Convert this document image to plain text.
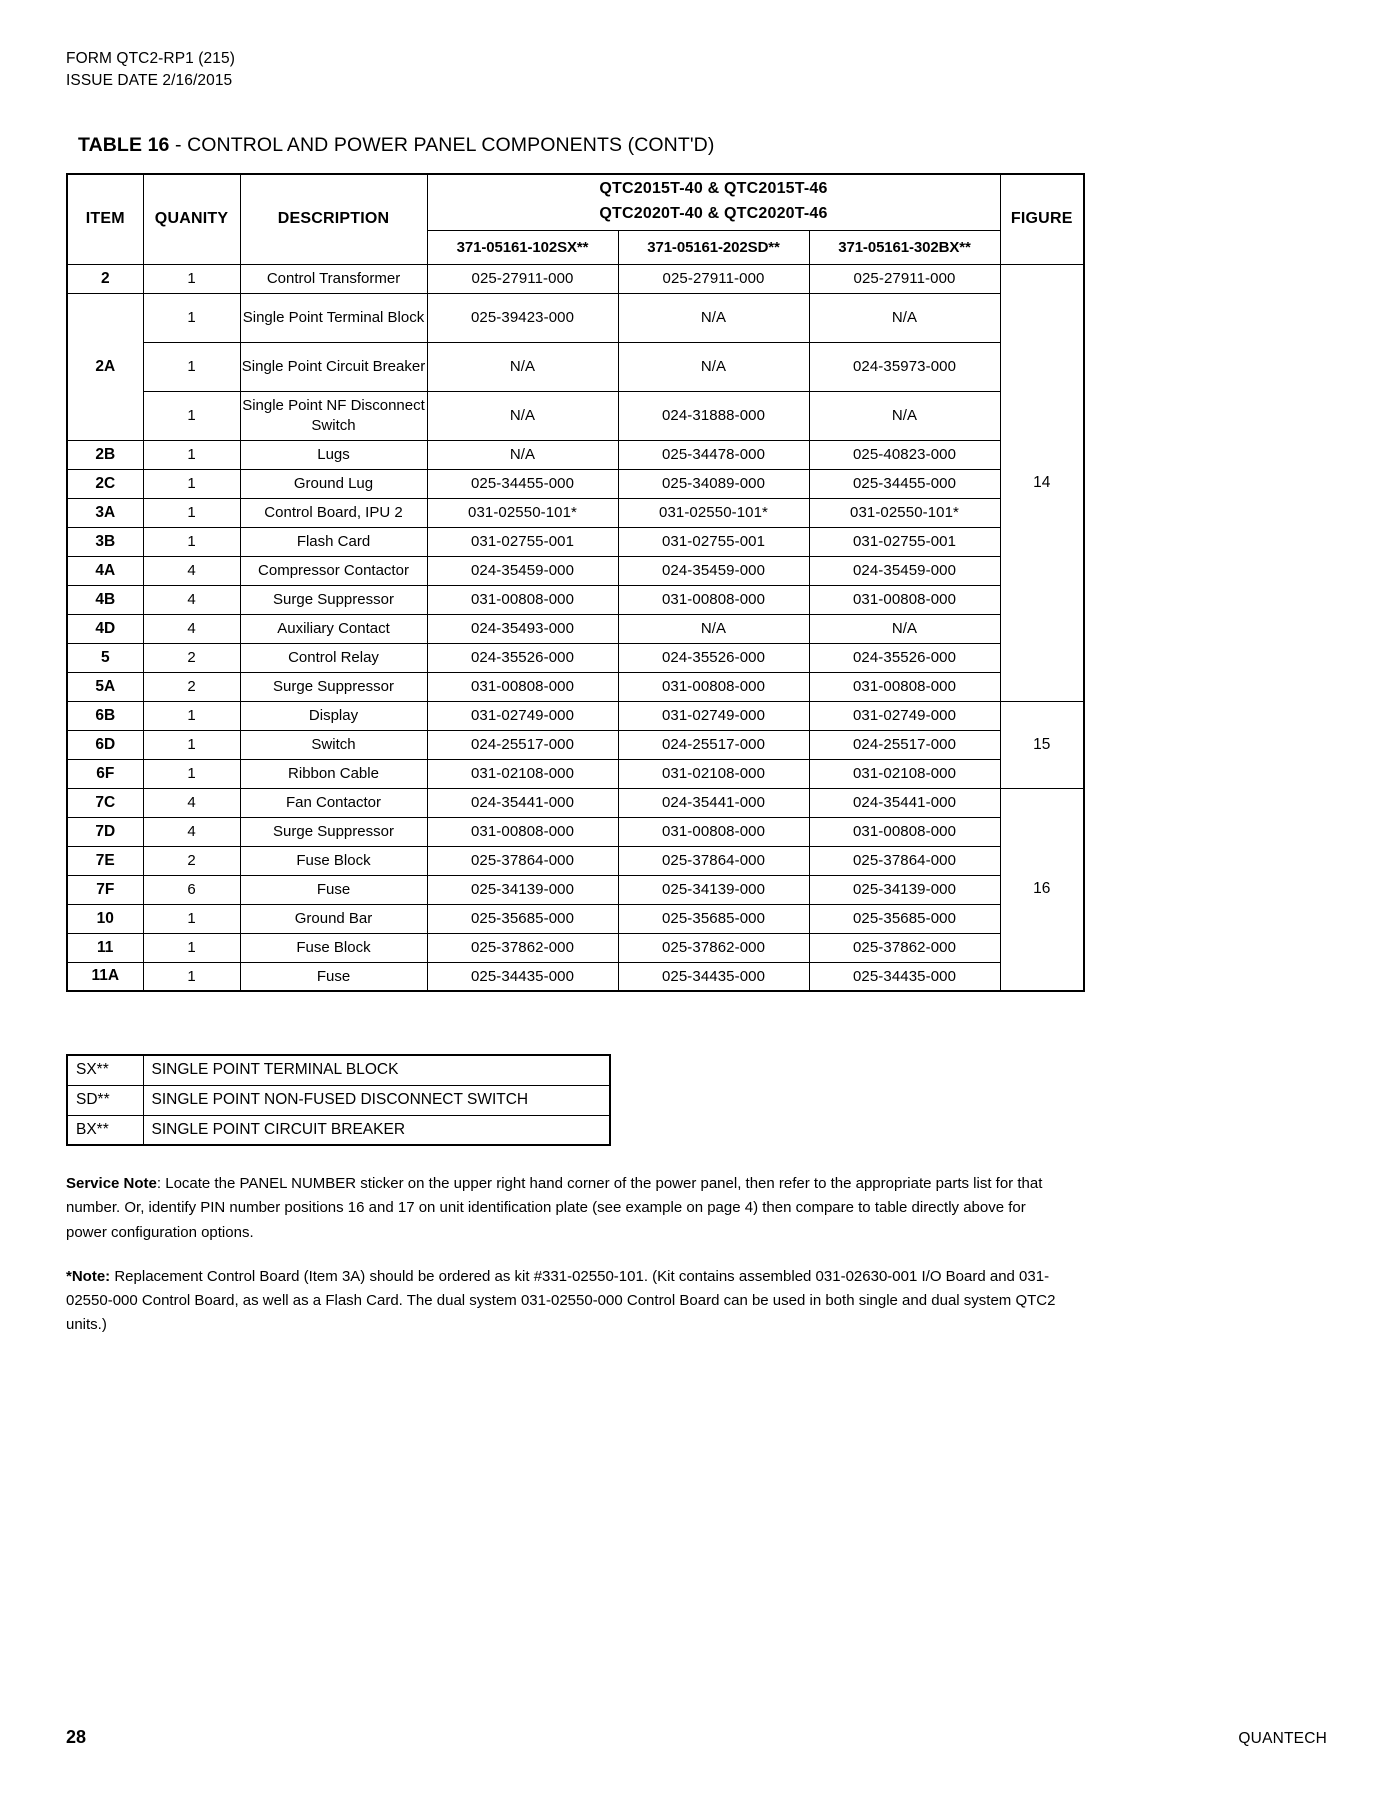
FORM QTC2-RP1 (215)
ISSUE DATE 2/16/2015
TABLE 16 - CONTROL AND POWER PANEL COMPONENTS (CONT'D)
ITEM	QUANITY	DESCRIPTION	QTC2015T-40 & QTC2015T-46
QTC2020T-40 & QTC2020T-46			FIGURE
			371-05161-102SX**	371-05161-202SD**	371-05161-302BX**	
2	1	Control Transformer	025-27911-000	025-27911-000	025-27911-000	14
	1	Single Point Terminal Block	025-39423-000	N/A	N/A	
2A	1	Single Point Circuit Breaker	N/A	N/A	024-35973-000	
	1	Single Point NF Disconnect Switch	N/A	024-31888-000	N/A	
2B	1	Lugs	N/A	025-34478-000	025-40823-000	
2C	1	Ground Lug	025-34455-000	025-34089-000	025-34455-000	
3A	1	Control Board, IPU 2	031-02550-101*	031-02550-101*	031-02550-101*	
3B	1	Flash Card	031-02755-001	031-02755-001	031-02755-001	
4A	4	Compressor Contactor	024-35459-000	024-35459-000	024-35459-000	
4B	4	Surge Suppressor	031-00808-000	031-00808-000	031-00808-000	
4D	4	Auxiliary Contact	024-35493-000	N/A	N/A	
5	2	Control Relay	024-35526-000	024-35526-000	024-35526-000	
5A	2	Surge Suppressor	031-00808-000	031-00808-000	031-00808-000	
6B	1	Display	031-02749-000	031-02749-000	031-02749-000	15
6D	1	Switch	024-25517-000	024-25517-000	024-25517-000	
6F	1	Ribbon Cable	031-02108-000	031-02108-000	031-02108-000	
7C	4	Fan Contactor	024-35441-000	024-35441-000	024-35441-000	16
7D	4	Surge Suppressor	031-00808-000	031-00808-000	031-00808-000	
7E	2	Fuse Block	025-37864-000	025-37864-000	025-37864-000	
7F	6	Fuse	025-34139-000	025-34139-000	025-34139-000	
10	1	Ground Bar	025-35685-000	025-35685-000	025-35685-000	
11	1	Fuse Block	025-37862-000	025-37862-000	025-37862-000	
11A	1	Fuse	025-34435-000	025-34435-000	025-34435-000	
SX**	SINGLE POINT TERMINAL BLOCK
SD**	SINGLE POINT NON-FUSED DISCONNECT SWITCH
BX**	SINGLE POINT CIRCUIT BREAKER

Service Note: Locate the PANEL NUMBER sticker on the upper right hand corner of the power panel, then refer to the appropriate parts list for that number. Or, identify PIN number positions 16 and 17 on unit identification plate (see example on page 4) then compare to table directly above for power configuration options.

*Note: Replacement Control Board (Item 3A) should be ordered as kit #331-02550-101. (Kit contains assembled 031-02630-001 I/O Board and 031-02550-000 Control Board, as well as a Flash Card. The dual system 031-02550-000 Control Board can be used in both single and dual system QTC2 units.)

28	QUANTECH
